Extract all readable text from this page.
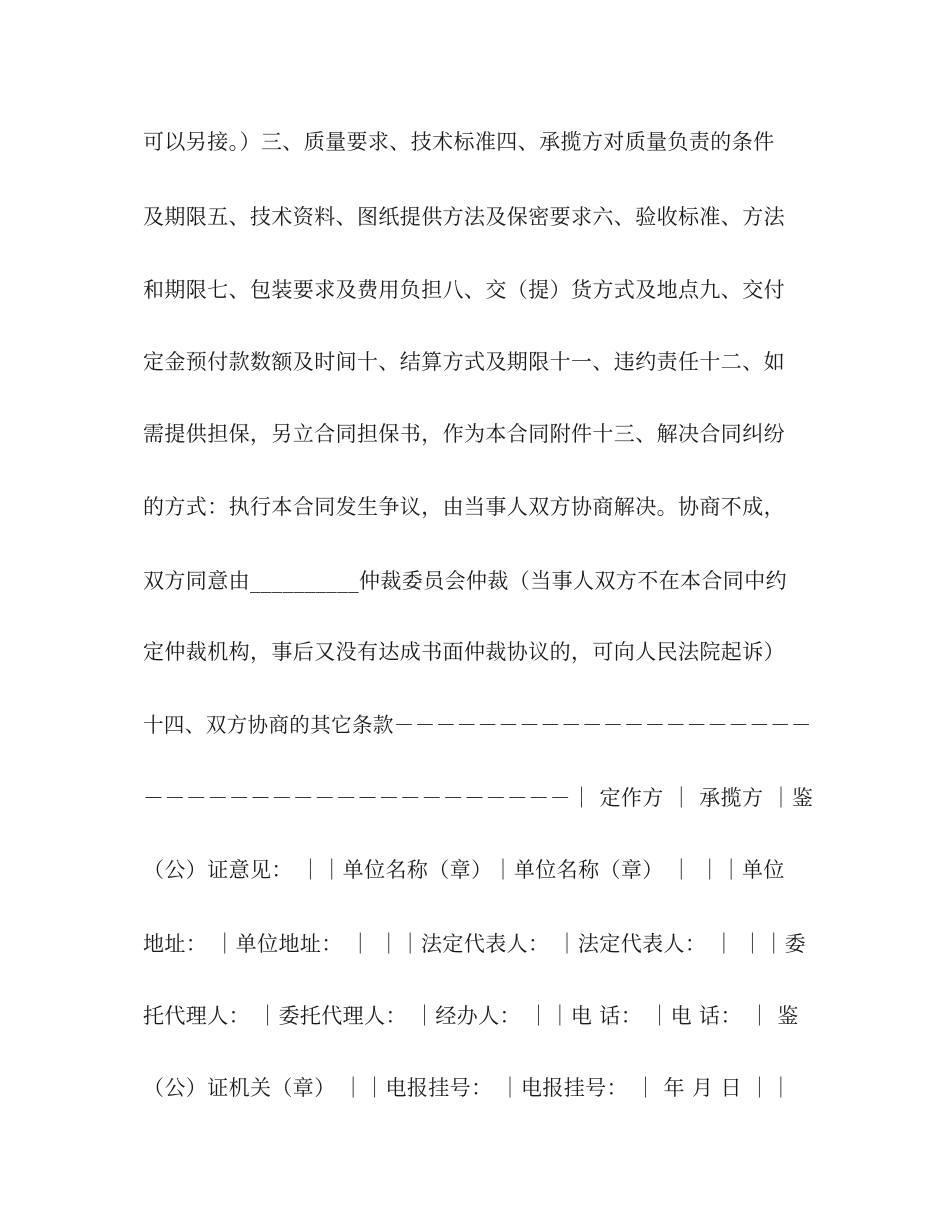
可以另接。）三、质量要求、技术标准四、承揽方对质量负责的条件
及期限五、技术资料、图纸提供方法及保密要求六、验收标准、方法
和期限七、包装要求及费用负担八、交（提）货方式及地点九、交付
定金预付款数额及时间十、结算方式及期限十一、违约责任十二、如
需提供担保，另立合同担保书，作为本合同附件十三、解决合同纠纷
的方式：执行本合同发生争议，由当事人双方协商解决。协商不成，
双方同意由__________仲裁委员会仲裁（当事人双方不在本合同中约
定仲裁机构，事后又没有达成书面仲裁协议的，可向人民法院起诉）
十四、双方协商的其它条款－－－－－－－－－－－－－－－－－－－－
－－－－－－－－－－－－－－－－－－－－｜ 定作方 ｜ 承揽方 ｜鉴
（公）证意见： ｜｜单位名称（章）｜单位名称（章） ｜ ｜｜单位
地址： ｜单位地址： ｜ ｜｜法定代表人： ｜法定代表人： ｜ ｜｜委
托代理人： ｜委托代理人： ｜经办人： ｜｜电 话： ｜电 话： ｜ 鉴
（公）证机关（章） ｜｜电报挂号： ｜电报挂号： ｜ 年 月 日 ｜｜
